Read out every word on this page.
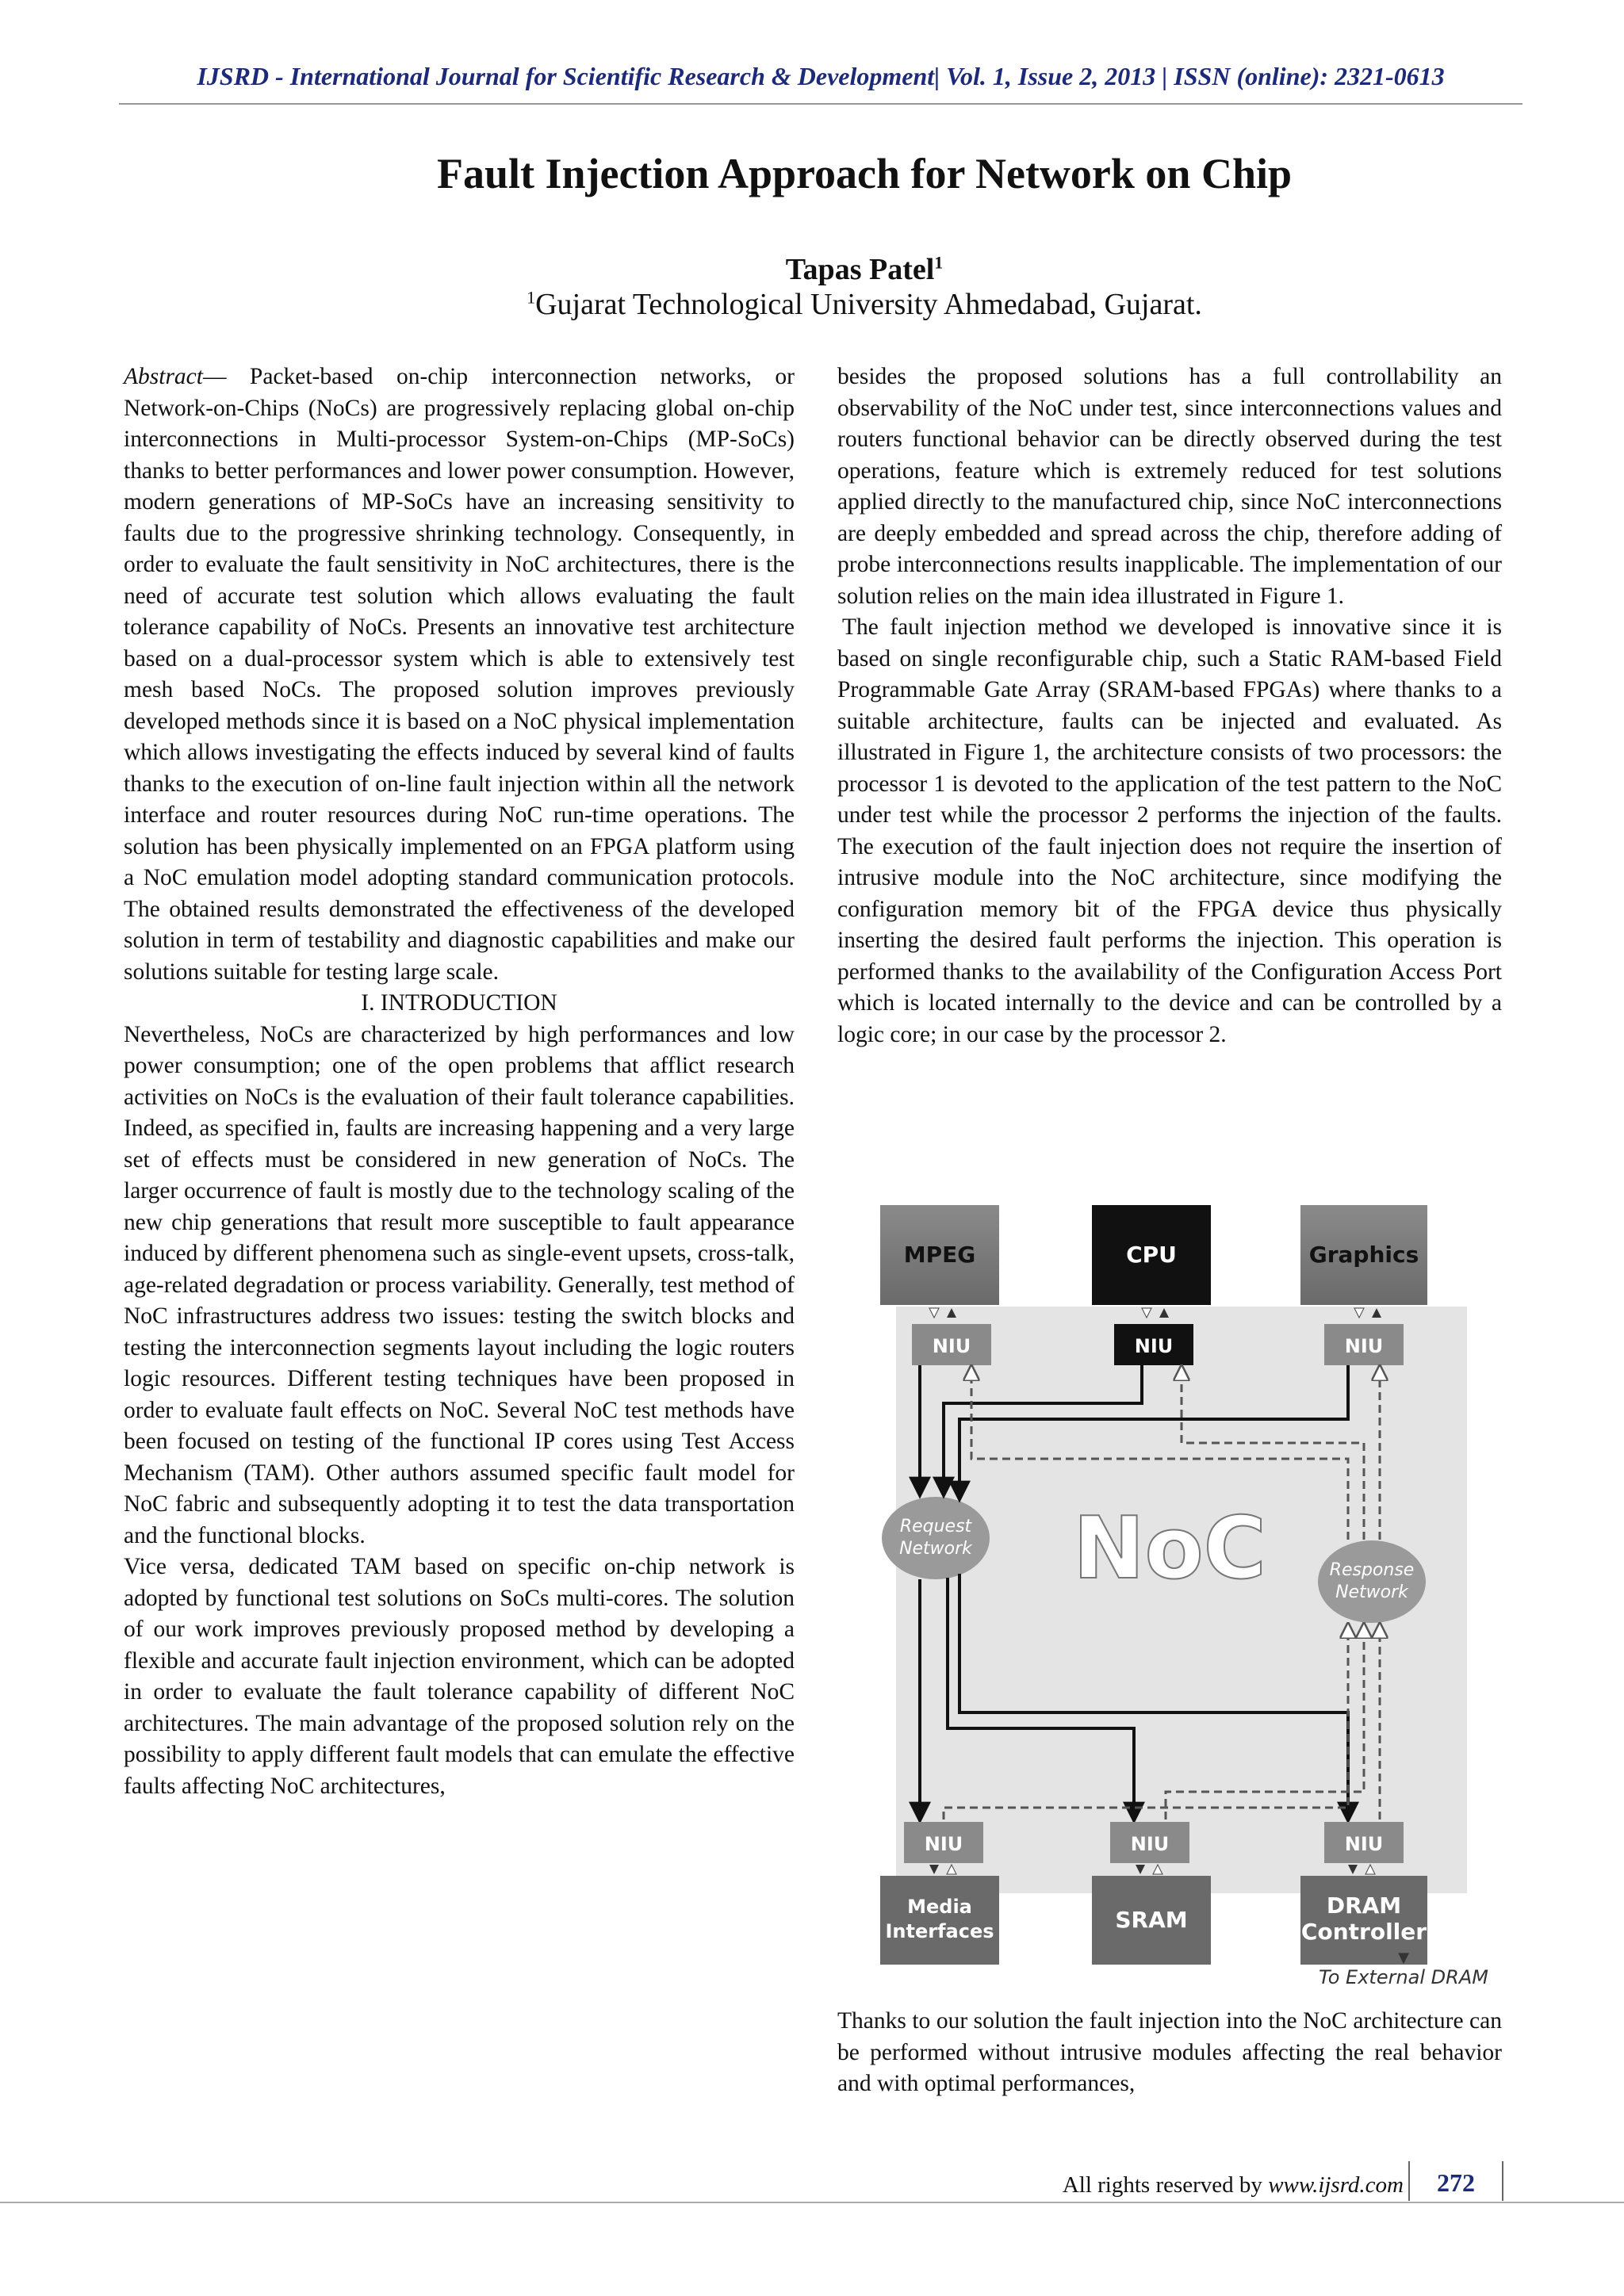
IJSRD - International Journal for Scientific Research & Development| Vol. 1, Issue 2, 2013 | ISSN (online): 2321-0613
Fault Injection Approach for Network on Chip
Tapas Patel$^1$
$^1$Gujarat Technological University Ahmedabad, Gujarat.

Abstract— Packet-based on-chip interconnection networks, or Network-on-Chips (NoCs) are progressively replacing global on-chip interconnections in Multi-processor System-on-Chips (MP-SoCs) thanks to better performances and lower power consumption. However, modern generations of MP-SoCs have an increasing sensitivity to faults due to the progressive shrinking technology. Consequently, in order to evaluate the fault sensitivity in NoC architectures, there is the need of accurate test solution which allows evaluating the fault tolerance capability of NoCs. Presents an innovative test architecture based on a dual-processor system which is able to extensively test mesh based NoCs. The proposed solution improves previously developed methods since it is based on a NoC physical implementation which allows investigating the effects induced by several kind of faults thanks to the execution of on-line fault injection within all the network interface and router resources during NoC run-time operations. The solution has been physically implemented on an FPGA platform using a NoC emulation model adopting standard communication protocols. The obtained results demonstrated the effectiveness of the developed solution in term of testability and diagnostic capabilities and make our solutions suitable for testing large scale.

I. INTRODUCTION

Nevertheless, NoCs are characterized by high performances and low power consumption; one of the open problems that afflict research activities on NoCs is the evaluation of their fault tolerance capabilities. Indeed, as specified in, faults are increasing happening and a very large set of effects must be considered in new generation of NoCs. The larger occurrence of fault is mostly due to the technology scaling of the new chip generations that result more susceptible to fault appearance induced by different phenomena such as single-event upsets, cross-talk, age-related degradation or process variability. Generally, test method of NoC infrastructures address two issues: testing the switch blocks and testing the interconnection segments layout including the logic routers logic resources. Different testing techniques have been proposed in order to evaluate fault effects on NoC. Several NoC test methods have been focused on testing of the functional IP cores using Test Access Mechanism (TAM). Other authors assumed specific fault model for NoC fabric and subsequently adopting it to test the data transportation and the functional blocks.

Vice versa, dedicated TAM based on specific on-chip network is adopted by functional test solutions on SoCs multi-cores. The solution of our work improves previously proposed method by developing a flexible and accurate fault injection environment, which can be adopted in order to evaluate the fault tolerance capability of different NoC architectures. The main advantage of the proposed solution rely on the possibility to apply different fault models that can emulate the effective faults affecting NoC architectures,

besides the proposed solutions has a full controllability an observability of the NoC under test, since interconnections values and routers functional behavior can be directly observed during the test operations, feature which is extremely reduced for test solutions applied directly to the manufactured chip, since NoC interconnections are deeply embedded and spread across the chip, therefore adding of probe interconnections results inapplicable. The implementation of our solution relies on the main idea illustrated in Figure 1.

The fault injection method we developed is innovative since it is based on single reconfigurable chip, such a Static RAM-based Field Programmable Gate Array (SRAM-based FPGAs) where thanks to a suitable architecture, faults can be injected and evaluated. As illustrated in Figure 1, the architecture consists of two processors: the processor 1 is devoted to the application of the test pattern to the NoC under test while the processor 2 performs the injection of the faults. The execution of the fault injection does not require the insertion of intrusive module into the NoC architecture, since modifying the configuration memory bit of the FPGA device thus physically inserting the desired fault performs the injection. This operation is performed thanks to the availability of the Configuration Access Port which is located internally to the device and can be controlled by a logic core; in our case by the processor 2.

MPEG	CPU	Graphics
NIU	NIU	NIU
Request
Network NoC	Response
Network
NIU	NIU	NIU
Media
Interfaces	SRAM
DRAM
Controller
▼
To External DRAM

Thanks to our solution the fault injection into the NoC architecture can be performed without intrusive modules affecting the real behavior and with optimal performances,

All rights reserved by www.ijsrd.com	272
